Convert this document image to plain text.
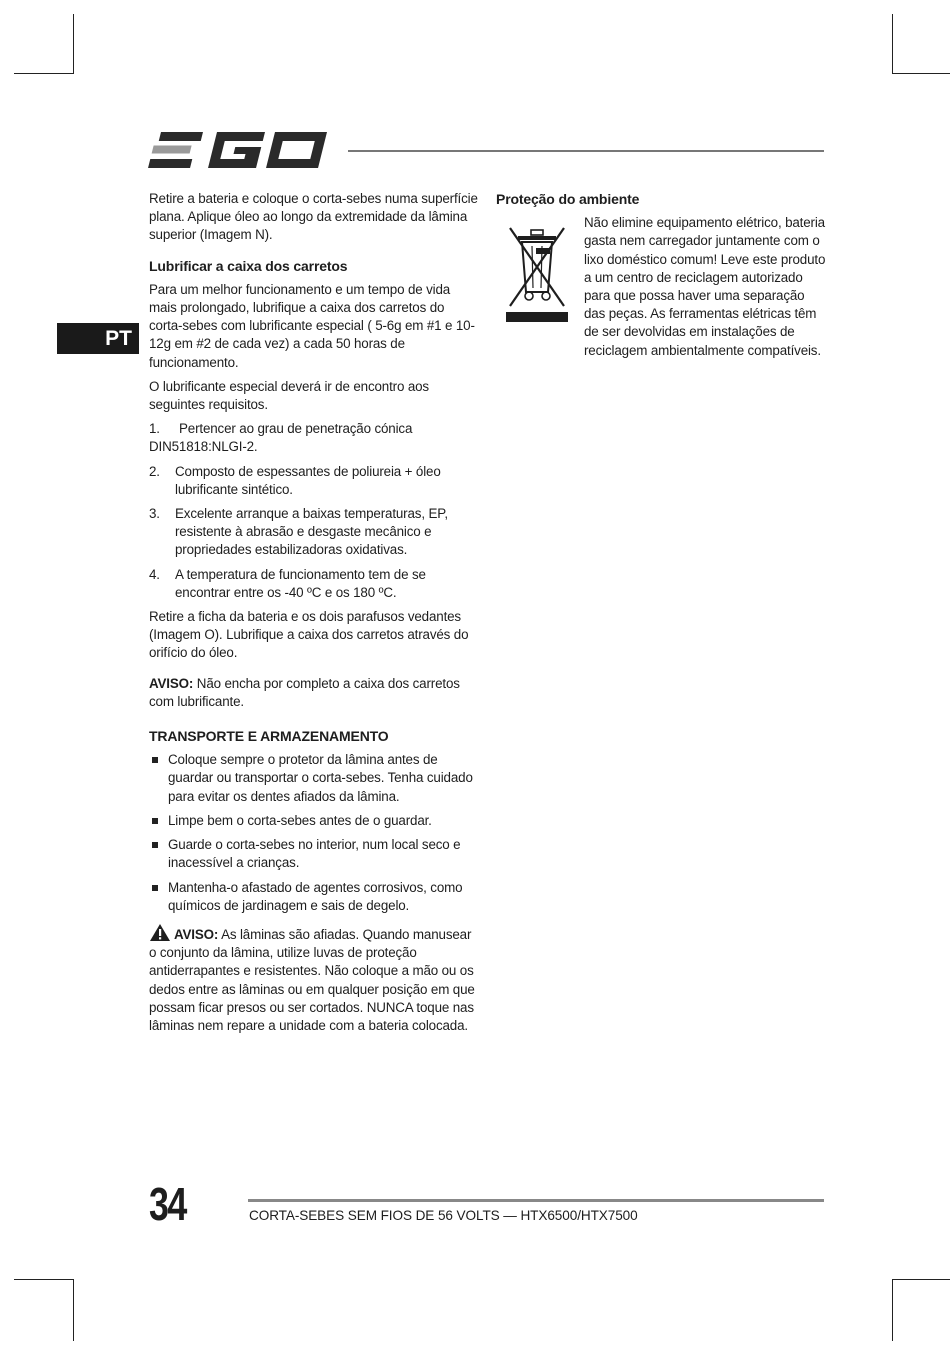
PT

Retire a bateria e coloque o corta-sebes numa superfície plana. Aplique óleo ao longo da extremidade da lâmina superior (Imagem N).

Lubrificar a caixa dos carretos

Para um melhor funcionamento e um tempo de vida mais prolongado, lubrifique a caixa dos carretos do corta-sebes com lubrificante especial ( 5-6g em #1 e 10-12g em #2 de cada vez) a cada 50 horas de funcionamento.

O lubrificante especial deverá ir de encontro aos seguintes requisitos.

1. Pertencer ao grau de penetração cónica DIN51818:NLGI-2.
2.	Composto de espessantes de poliureia + óleo lubrificante sintético.
3.	Excelente arranque a baixas temperaturas, EP, resistente à abrasão e desgaste mecânico e propriedades estabilizadoras oxidativas.
4.	A temperatura de funcionamento tem de se encontrar entre os -40 ºC e os 180 ºC.

Retire a ficha da bateria e os dois parafusos vedantes (Imagem O). Lubrifique a caixa dos carretos através do orifício do óleo.

AVISO: Não encha por completo a caixa dos carretos com lubrificante.

TRANSPORTE E ARMAZENAMENTO
Coloque sempre o protetor da lâmina antes de guardar ou transportar o corta-sebes. Tenha cuidado para evitar os dentes afiados da lâmina.
Limpe bem o corta-sebes antes de o guardar.
Guarde o corta-sebes no interior, num local seco e inacessível a crianças.
Mantenha-o afastado de agentes corrosivos, como químicos de jardinagem e sais de degelo.

AVISO: As lâminas são afiadas. Quando manusear o conjunto da lâmina, utilize luvas de proteção antiderrapantes e resistentes. Não coloque a mão ou os dedos entre as lâminas ou em qualquer posição em que possam ficar presos ou ser cortados. NUNCA toque nas lâminas nem repare a unidade com a bateria colocada.

Proteção do ambiente
Não elimine equipamento elétrico, bateria gasta nem carregador juntamente com o lixo doméstico comum! Leve este produto a um centro de reciclagem autorizado para que possa haver uma separação das peças. As ferramentas elétricas têm de ser devolvidas em instalações de reciclagem ambientalmente compatíveis.
34	CORTA-SEBES SEM FIOS DE 56 VOLTS — HTX6500/HTX7500
